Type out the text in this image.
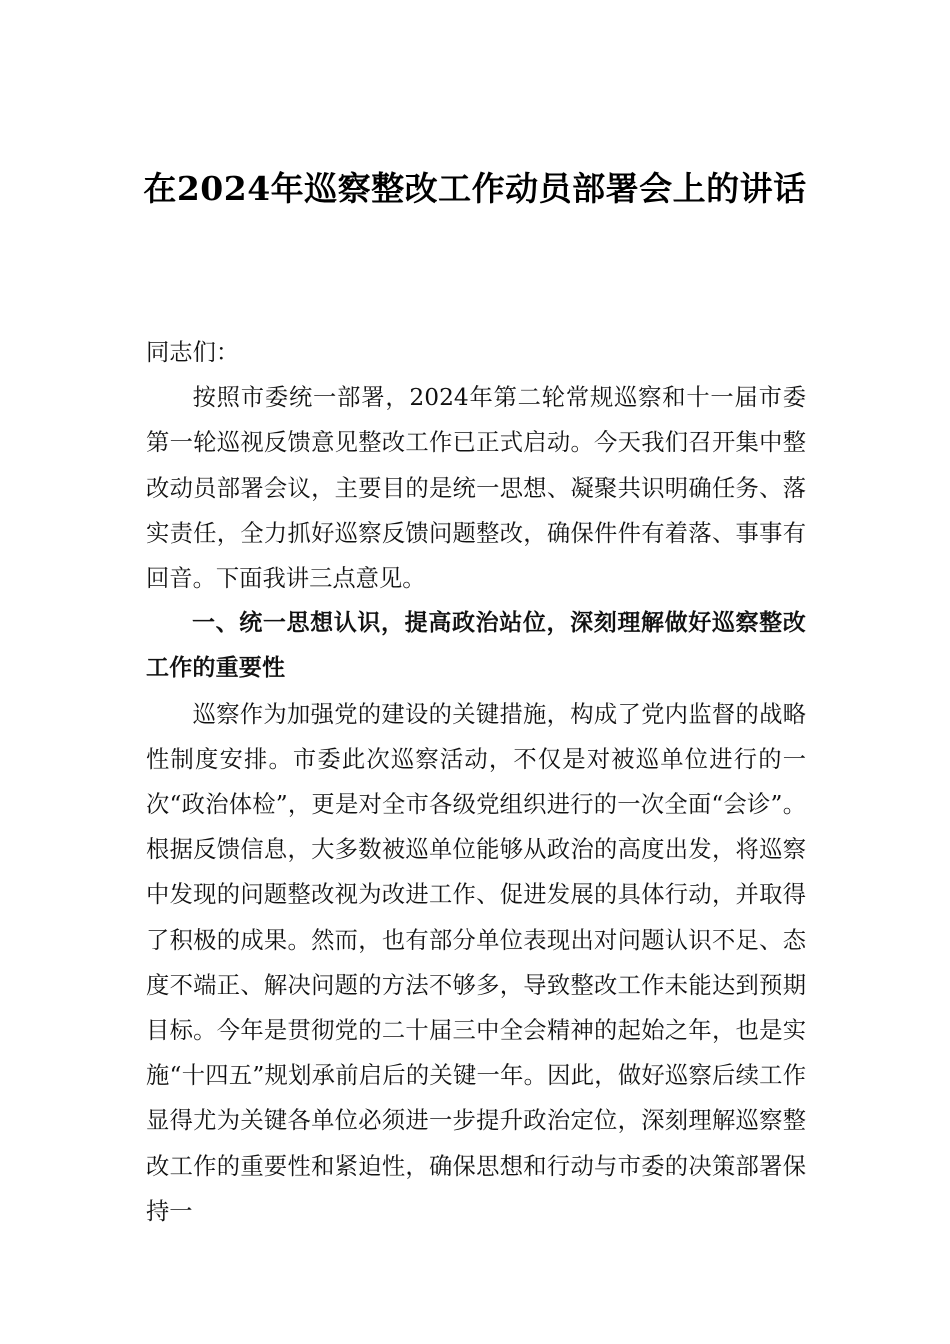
在2024年巡察整改工作动员部署会上的讲话

同志们：

按照市委统一部署，2024年第二轮常规巡察和十一届市委第一轮巡视反馈意见整改工作已正式启动。今天我们召开集中整改动员部署会议，主要目的是统一思想、凝聚共识明确任务、落实责任，全力抓好巡察反馈问题整改，确保件件有着落、事事有回音。下面我讲三点意见。

一、统一思想认识，提高政治站位，深刻理解做好巡察整改工作的重要性

巡察作为加强党的建设的关键措施，构成了党内监督的战略性制度安排。市委此次巡察活动，不仅是对被巡单位进行的一次“政治体检”，更是对全市各级党组织进行的一次全面“会诊”。根据反馈信息，大多数被巡单位能够从政治的高度出发，将巡察中发现的问题整改视为改进工作、促进发展的具体行动，并取得了积极的成果。然而，也有部分单位表现出对问题认识不足、态度不端正、解决问题的方法不够多，导致整改工作未能达到预期目标。今年是贯彻党的二十届三中全会精神的起始之年，也是实施“十四五”规划承前启后的关键一年。因此，做好巡察后续工作显得尤为关键各单位必须进一步提升政治定位，深刻理解巡察整改工作的重要性和紧迫性，确保思想和行动与市委的决策部署保持一
